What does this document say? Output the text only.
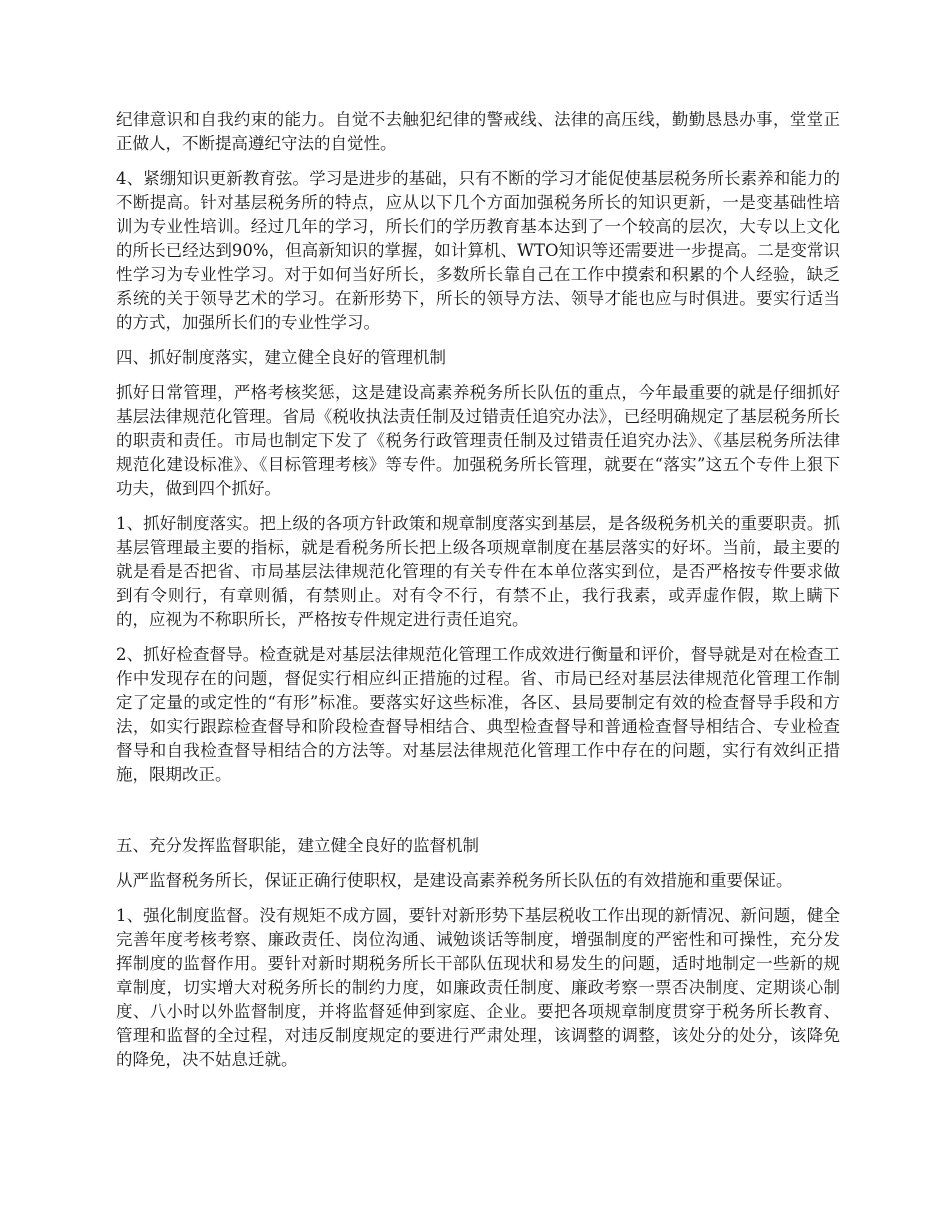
纪律意识和自我约束的能力。自觉不去触犯纪律的警戒线、法律的高压线，勤勤恳恳办事，堂堂正正做人，不断提高遵纪守法的自觉性。

4、紧绷知识更新教育弦。学习是进步的基础，只有不断的学习才能促使基层税务所长素养和能力的不断提高。针对基层税务所的特点，应从以下几个方面加强税务所长的知识更新，一是变基础性培训为专业性培训。经过几年的学习，所长们的学历教育基本达到了一个较高的层次，大专以上文化的所长已经达到90%，但高新知识的掌握，如计算机、WTO知识等还需要进一步提高。二是变常识性学习为专业性学习。对于如何当好所长，多数所长靠自己在工作中摸索和积累的个人经验，缺乏系统的关于领导艺术的学习。在新形势下，所长的领导方法、领导才能也应与时俱进。要实行适当的方式，加强所长们的专业性学习。

四、抓好制度落实，建立健全良好的管理机制

抓好日常管理，严格考核奖惩，这是建设高素养税务所长队伍的重点，今年最重要的就是仔细抓好基层法律规范化管理。省局《税收执法责任制及过错责任追究办法》，已经明确规定了基层税务所长的职责和责任。市局也制定下发了《税务行政管理责任制及过错责任追究办法》、《基层税务所法律规范化建设标准》、《目标管理考核》等专件。加强税务所长管理，就要在“落实”这五个专件上狠下功夫，做到四个抓好。

1、抓好制度落实。把上级的各项方针政策和规章制度落实到基层，是各级税务机关的重要职责。抓基层管理最主要的指标，就是看税务所长把上级各项规章制度在基层落实的好坏。当前，最主要的就是看是否把省、市局基层法律规范化管理的有关专件在本单位落实到位，是否严格按专件要求做到有令则行，有章则循，有禁则止。对有令不行，有禁不止，我行我素，或弄虚作假，欺上瞒下的，应视为不称职所长，严格按专件规定进行责任追究。

2、抓好检查督导。检查就是对基层法律规范化管理工作成效进行衡量和评价，督导就是对在检查工作中发现存在的问题，督促实行相应纠正措施的过程。省、市局已经对基层法律规范化管理工作制定了定量的或定性的“有形”标准。要落实好这些标准，各区、县局要制定有效的检查督导手段和方法，如实行跟踪检查督导和阶段检查督导相结合、典型检查督导和普通检查督导相结合、专业检查督导和自我检查督导相结合的方法等。对基层法律规范化管理工作中存在的问题，实行有效纠正措施，限期改正。

五、充分发挥监督职能，建立健全良好的监督机制

从严监督税务所长，保证正确行使职权，是建设高素养税务所长队伍的有效措施和重要保证。

1、强化制度监督。没有规矩不成方圆，要针对新形势下基层税收工作出现的新情况、新问题，健全完善年度考核考察、廉政责任、岗位沟通、诫勉谈话等制度，增强制度的严密性和可操性，充分发挥制度的监督作用。要针对新时期税务所长干部队伍现状和易发生的问题，适时地制定一些新的规章制度，切实增大对税务所长的制约力度，如廉政责任制度、廉政考察一票否决制度、定期谈心制度、八小时以外监督制度，并将监督延伸到家庭、企业。要把各项规章制度贯穿于税务所长教育、管理和监督的全过程，对违反制度规定的要进行严肃处理，该调整的调整，该处分的处分，该降免的降免，决不姑息迁就。
